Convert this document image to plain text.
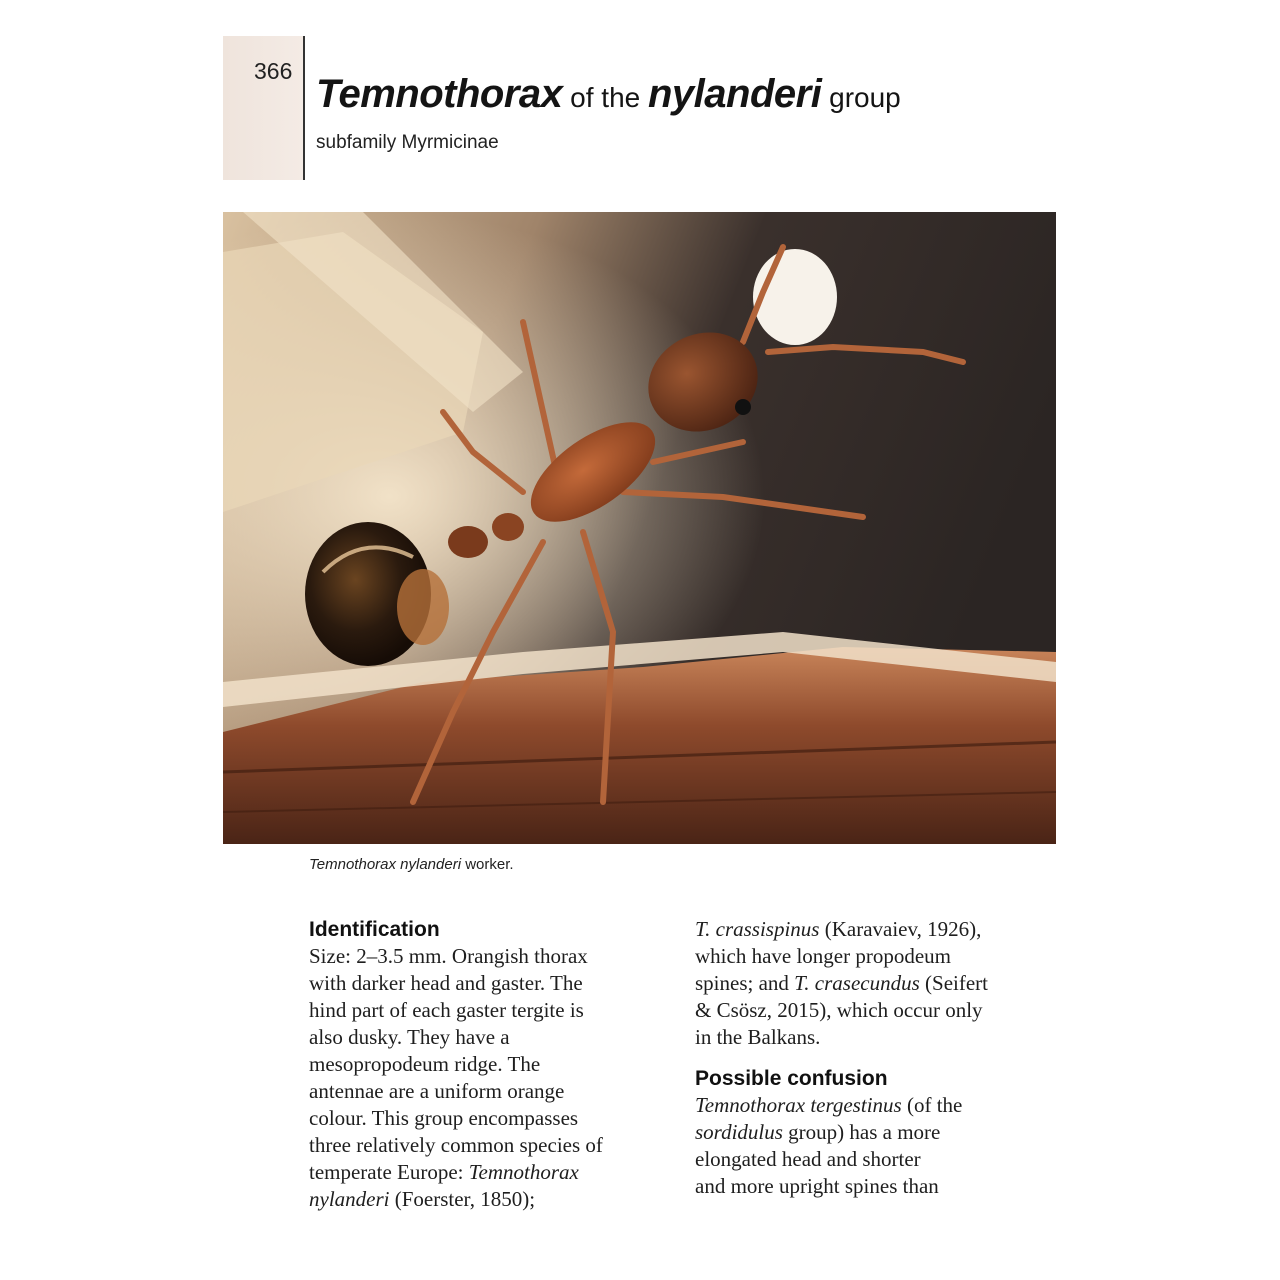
366
Temnothorax of the nylanderi group
subfamily Myrmicinae
Temnothorax nylanderi worker.
Identification
Size: 2–3.5 mm. Orangish thorax
with darker head and gaster. The
hind part of each gaster tergite is
also dusky. They have a
mesopropodeum ridge. The
antennae are a uniform orange
colour. This group encompasses
three relatively common species of
temperate Europe: Temnothorax
nylanderi (Foerster, 1850);
T. crassispinus (Karavaiev, 1926),
which have longer propodeum
spines; and T. crasecundus (Seifert
& Csösz, 2015), which occur only
in the Balkans.
Possible confusion
Temnothorax tergestinus (of the
sordidulus group) has a more
elongated head and shorter
and more upright spines than
